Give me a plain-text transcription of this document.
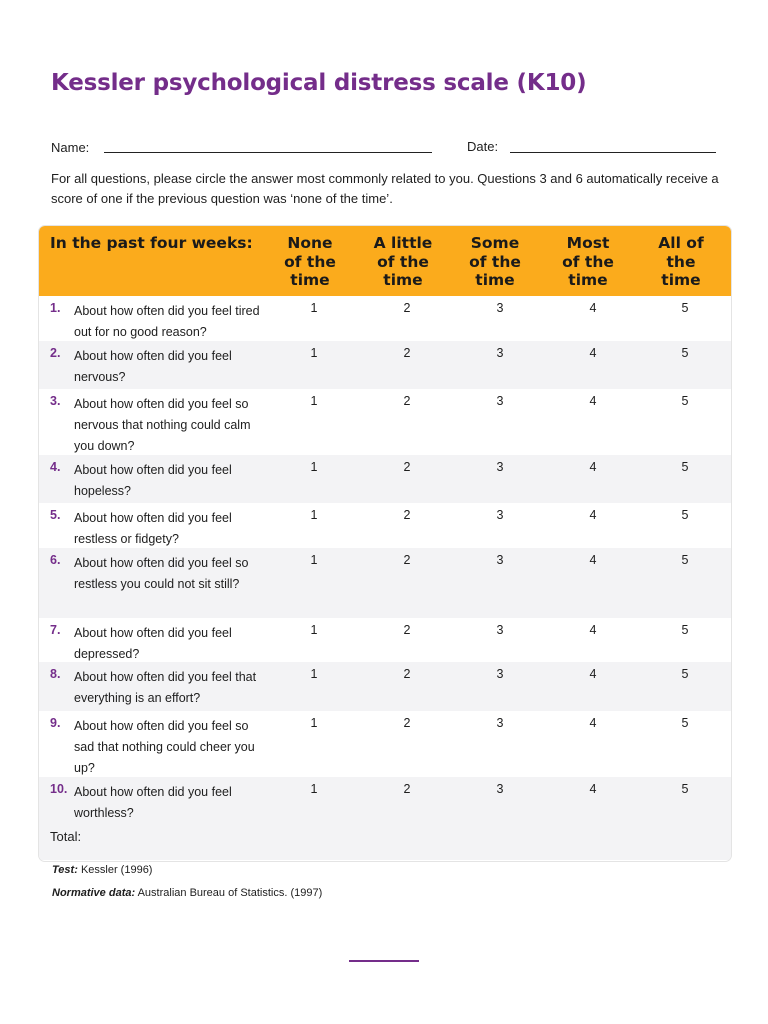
Kessler psychological distress scale (K10)
Name:	Date:

For all questions, please circle the answer most commonly related to you. Questions 3 and 6 automatically receive a score of one if the previous question was ‘none of the time’.

In the past four weeks:	None
of the
time
A little
of the
time
Some
of the
time
Most
of the
time
All of
the
time
1. About how often did you feel tired out for no good reason?
1	2	3	4	5
2. About how often did you feel nervous?
1	2	3	4	5
3. About how often did you feel so nervous that nothing could calm you down?
1	2	3	4	5
4. About how often did you feel hopeless?
1	2	3	4	5
5. About how often did you feel restless or fidgety?
1	2	3	4	5
6. About how often did you feel so restless you could not sit still?
1	2	3	4	5
7. About how often did you feel depressed?
1	2	3	4	5
8. About how often did you feel that everything is an effort?
1	2	3	4	5
9. About how often did you feel so sad that nothing could cheer you up?
1	2	3	4	5
10. About how often did you feel worthless?
1	2	3	4	5
Total:
Test: Kessler (1996)
Normative data: Australian Bureau of Statistics. (1997)
